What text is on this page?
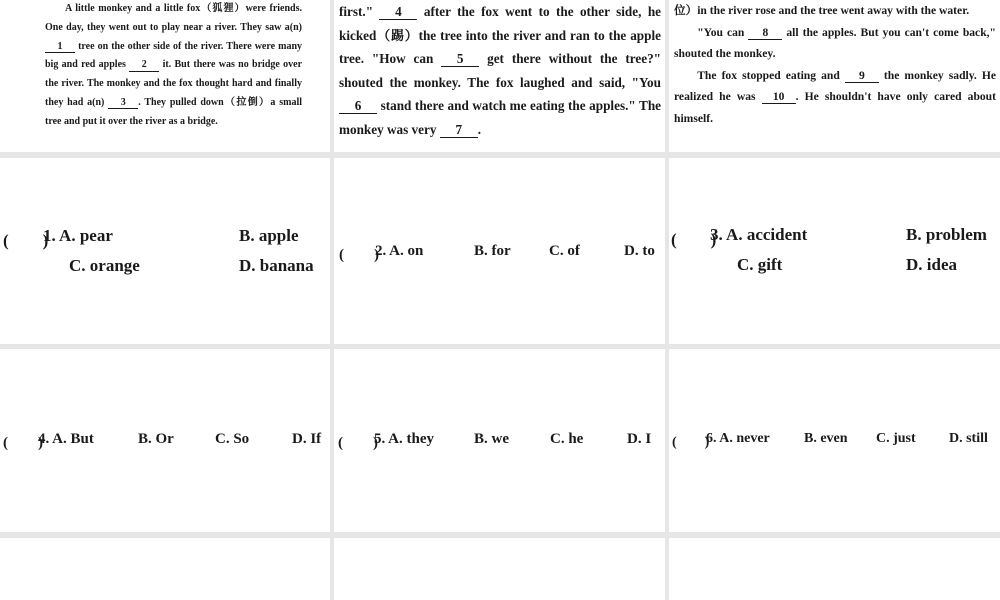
A little monkey and a little fox（狐狸）were friends. One day, they went out to play near a river. They saw a(n) 1 tree on the other side of the river. There were many big and red apples 2 it. But there was no bridge over the river. The monkey and the fox thought hard and finally they had a(n) 3 . They pulled down（拉倒）a small tree and put it over the river as a bridge.

first." 4 after the fox went to the other side, he kicked（踢）the tree into the river and ran to the apple tree. "How can 5 get there without the tree?" shouted the monkey. The fox laughed and said, "You 6 stand there and watch me eating the apples." The monkey was very 7 .

位）in the river rose and the tree went away with the water.

"You can 8 all the apples. But you can't come back," shouted the monkey.

The fox stopped eating and 9 the monkey sadly. He realized he was 10 . He shouldn't have only cared about himself.

(　　)
1. A. pear	B. apple
C. orange	D. banana
(　　)
2. A. on	B. for	C. of	D. to
(　　)
3. A. accident	B. problem
C. gift	D. idea
(　　)
4. A. But	B. Or	C. So	D. If (　　)
5. A. they	B. we	C. he	D. I (　　)
6. A. never B. even C. just D. still
